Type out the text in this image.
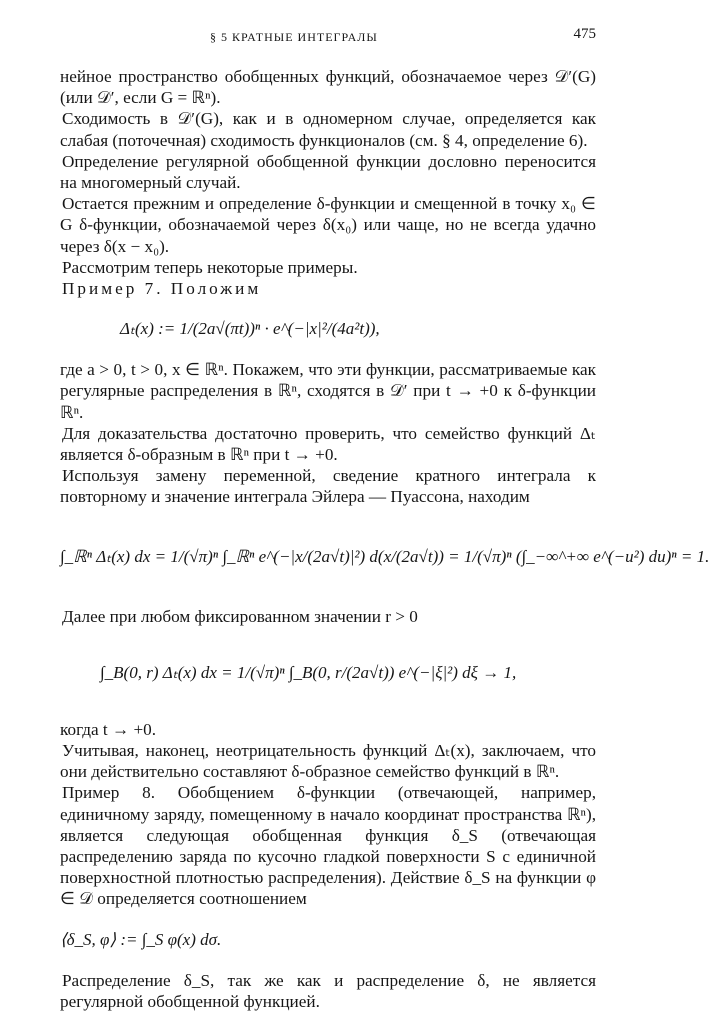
§ 5 КРАТНЫЕ ИНТЕГРАЛЫ	475

нейное пространство обобщенных функций, обозначаемое через 𝒟′(G) (или 𝒟′, если G = ℝⁿ).

Сходимость в 𝒟′(G), как и в одномерном случае, определяется как слабая (поточечная) сходимость функционалов (см. § 4, определение 6).

Определение регулярной обобщенной функции дословно переносится на многомерный случай.

Остается прежним и определение δ-функции и смещенной в точку x₀ ∈ G δ-функции, обозначаемой через δ(x₀) или чаще, но не всегда удачно через δ(x − x₀).

Рассмотрим теперь некоторые примеры.

Пример 7. Положим

Δₜ(x) := 1/(2a√(πt))ⁿ · e^(−|x|²/(4a²t)),

где a > 0, t > 0, x ∈ ℝⁿ. Покажем, что эти функции, рассматриваемые как регулярные распределения в ℝⁿ, сходятся в 𝒟′ при t → +0 к δ-функции ℝⁿ.

Для доказательства достаточно проверить, что семейство функций Δₜ является δ-образным в ℝⁿ при t → +0.

Используя замену переменной, сведение кратного интеграла к повторному и значение интеграла Эйлера — Пуассона, находим

∫_ℝⁿ Δₜ(x) dx = 1/(√π)ⁿ ∫_ℝⁿ e^(−|x/(2a√t)|²) d(x/(2a√t)) = 1/(√π)ⁿ (∫_−∞^+∞ e^(−u²) du)ⁿ = 1.

Далее при любом фиксированном значении r > 0

∫_B(0, r) Δₜ(x) dx = 1/(√π)ⁿ ∫_B(0, r/(2a√t)) e^(−|ξ|²) dξ → 1,

когда t → +0.

Учитывая, наконец, неотрицательность функций Δₜ(x), заключаем, что они действительно составляют δ-образное семейство функций в ℝⁿ.

Пример 8. Обобщением δ-функции (отвечающей, например, единичному заряду, помещенному в начало координат пространства ℝⁿ), является следующая обобщенная функция δ_S (отвечающая распределению заряда по кусочно гладкой поверхности S с единичной поверхностной плотностью распределения). Действие δ_S на функции φ ∈ 𝒟 определяется соотношением

⟨δ_S, φ⟩ := ∫_S φ(x) dσ.

Распределение δ_S, так же как и распределение δ, не является регулярной обобщенной функцией.
